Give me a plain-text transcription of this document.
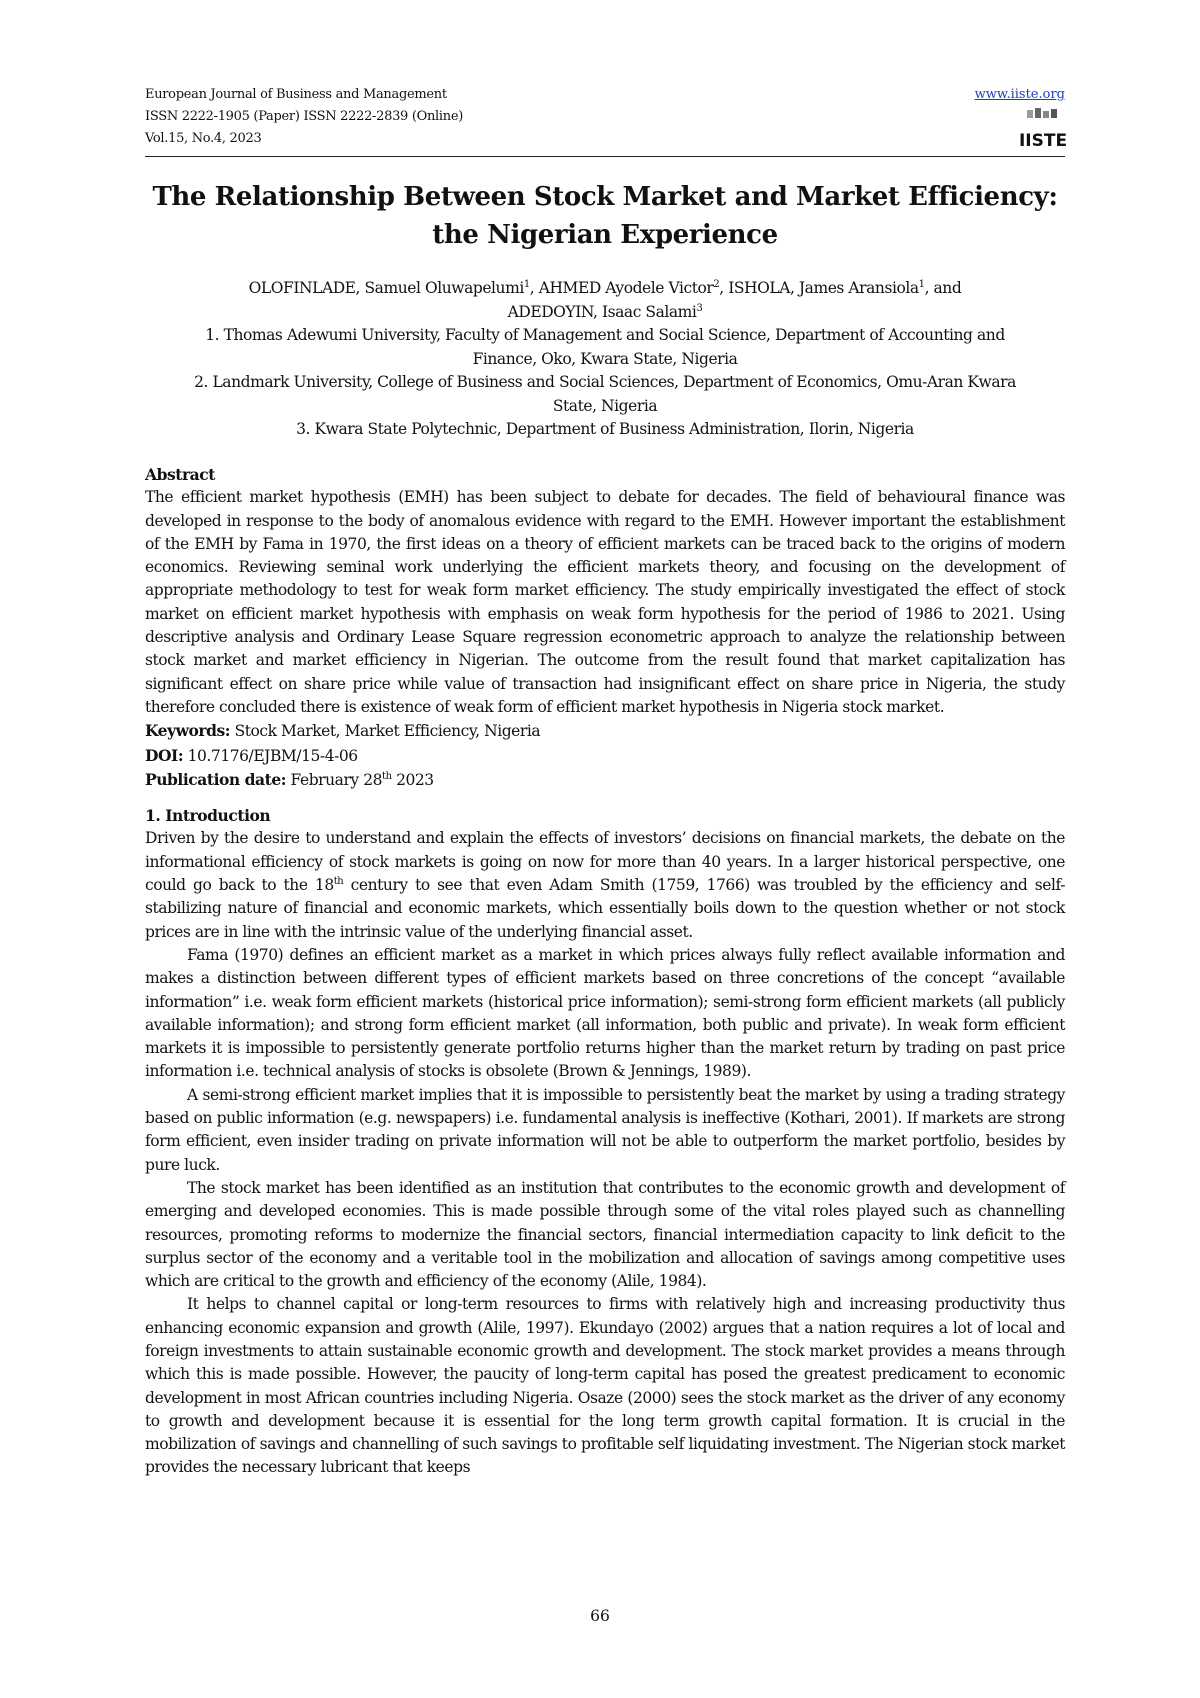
European Journal of Business and Management
ISSN 2222-1905 (Paper) ISSN 2222-2839 (Online)
Vol.15, No.4, 2023
www.iiste.org
IISTE
The Relationship Between Stock Market and Market Efficiency:
the Nigerian Experience
OLOFINLADE, Samuel Oluwapelumi$^1$, AHMED Ayodele Victor$^2$, ISHOLA, James Aransiola$^1$, and
ADEDOYIN, Isaac Salami$^3$
1. Thomas Adewumi University, Faculty of Management and Social Science, Department of Accounting and
Finance, Oko, Kwara State, Nigeria
2. Landmark University, College of Business and Social Sciences, Department of Economics, Omu-Aran Kwara
State, Nigeria
3. Kwara State Polytechnic, Department of Business Administration, Ilorin, Nigeria

Abstract

The efficient market hypothesis (EMH) has been subject to debate for decades. The field of behavioural finance was developed in response to the body of anomalous evidence with regard to the EMH. However important the establishment of the EMH by Fama in 1970, the first ideas on a theory of efficient markets can be traced back to the origins of modern economics. Reviewing seminal work underlying the efficient markets theory, and focusing on the development of appropriate methodology to test for weak form market efficiency. The study empirically investigated the effect of stock market on efficient market hypothesis with emphasis on weak form hypothesis for the period of 1986 to 2021. Using descriptive analysis and Ordinary Lease Square regression econometric approach to analyze the relationship between stock market and market efficiency in Nigerian. The outcome from the result found that market capitalization has significant effect on share price while value of transaction had insignificant effect on share price in Nigeria, the study therefore concluded there is existence of weak form of efficient market hypothesis in Nigeria stock market.

Keywords: Stock Market, Market Efficiency, Nigeria

DOI: 10.7176/EJBM/15-4-06

Publication date: February 28th 2023

1. Introduction

Driven by the desire to understand and explain the effects of investors’ decisions on financial markets, the debate on the informational efficiency of stock markets is going on now for more than 40 years. In a larger historical perspective, one could go back to the 18th century to see that even Adam Smith (1759, 1766) was troubled by the efficiency and self-stabilizing nature of financial and economic markets, which essentially boils down to the question whether or not stock prices are in line with the intrinsic value of the underlying financial asset.

Fama (1970) defines an efficient market as a market in which prices always fully reflect available information and makes a distinction between different types of efficient markets based on three concretions of the concept “available information” i.e. weak form efficient markets (historical price information); semi-strong form efficient markets (all publicly available information); and strong form efficient market (all information, both public and private). In weak form efficient markets it is impossible to persistently generate portfolio returns higher than the market return by trading on past price information i.e. technical analysis of stocks is obsolete (Brown & Jennings, 1989).

A semi-strong efficient market implies that it is impossible to persistently beat the market by using a trading strategy based on public information (e.g. newspapers) i.e. fundamental analysis is ineffective (Kothari, 2001). If markets are strong form efficient, even insider trading on private information will not be able to outperform the market portfolio, besides by pure luck.

The stock market has been identified as an institution that contributes to the economic growth and development of emerging and developed economies. This is made possible through some of the vital roles played such as channelling resources, promoting reforms to modernize the financial sectors, financial intermediation capacity to link deficit to the surplus sector of the economy and a veritable tool in the mobilization and allocation of savings among competitive uses which are critical to the growth and efficiency of the economy (Alile, 1984).

It helps to channel capital or long-term resources to firms with relatively high and increasing productivity thus enhancing economic expansion and growth (Alile, 1997). Ekundayo (2002) argues that a nation requires a lot of local and foreign investments to attain sustainable economic growth and development. The stock market provides a means through which this is made possible. However, the paucity of long-term capital has posed the greatest predicament to economic development in most African countries including Nigeria. Osaze (2000) sees the stock market as the driver of any economy to growth and development because it is essential for the long term growth capital formation. It is crucial in the mobilization of savings and channelling of such savings to profitable self liquidating investment. The Nigerian stock market provides the necessary lubricant that keeps

66
